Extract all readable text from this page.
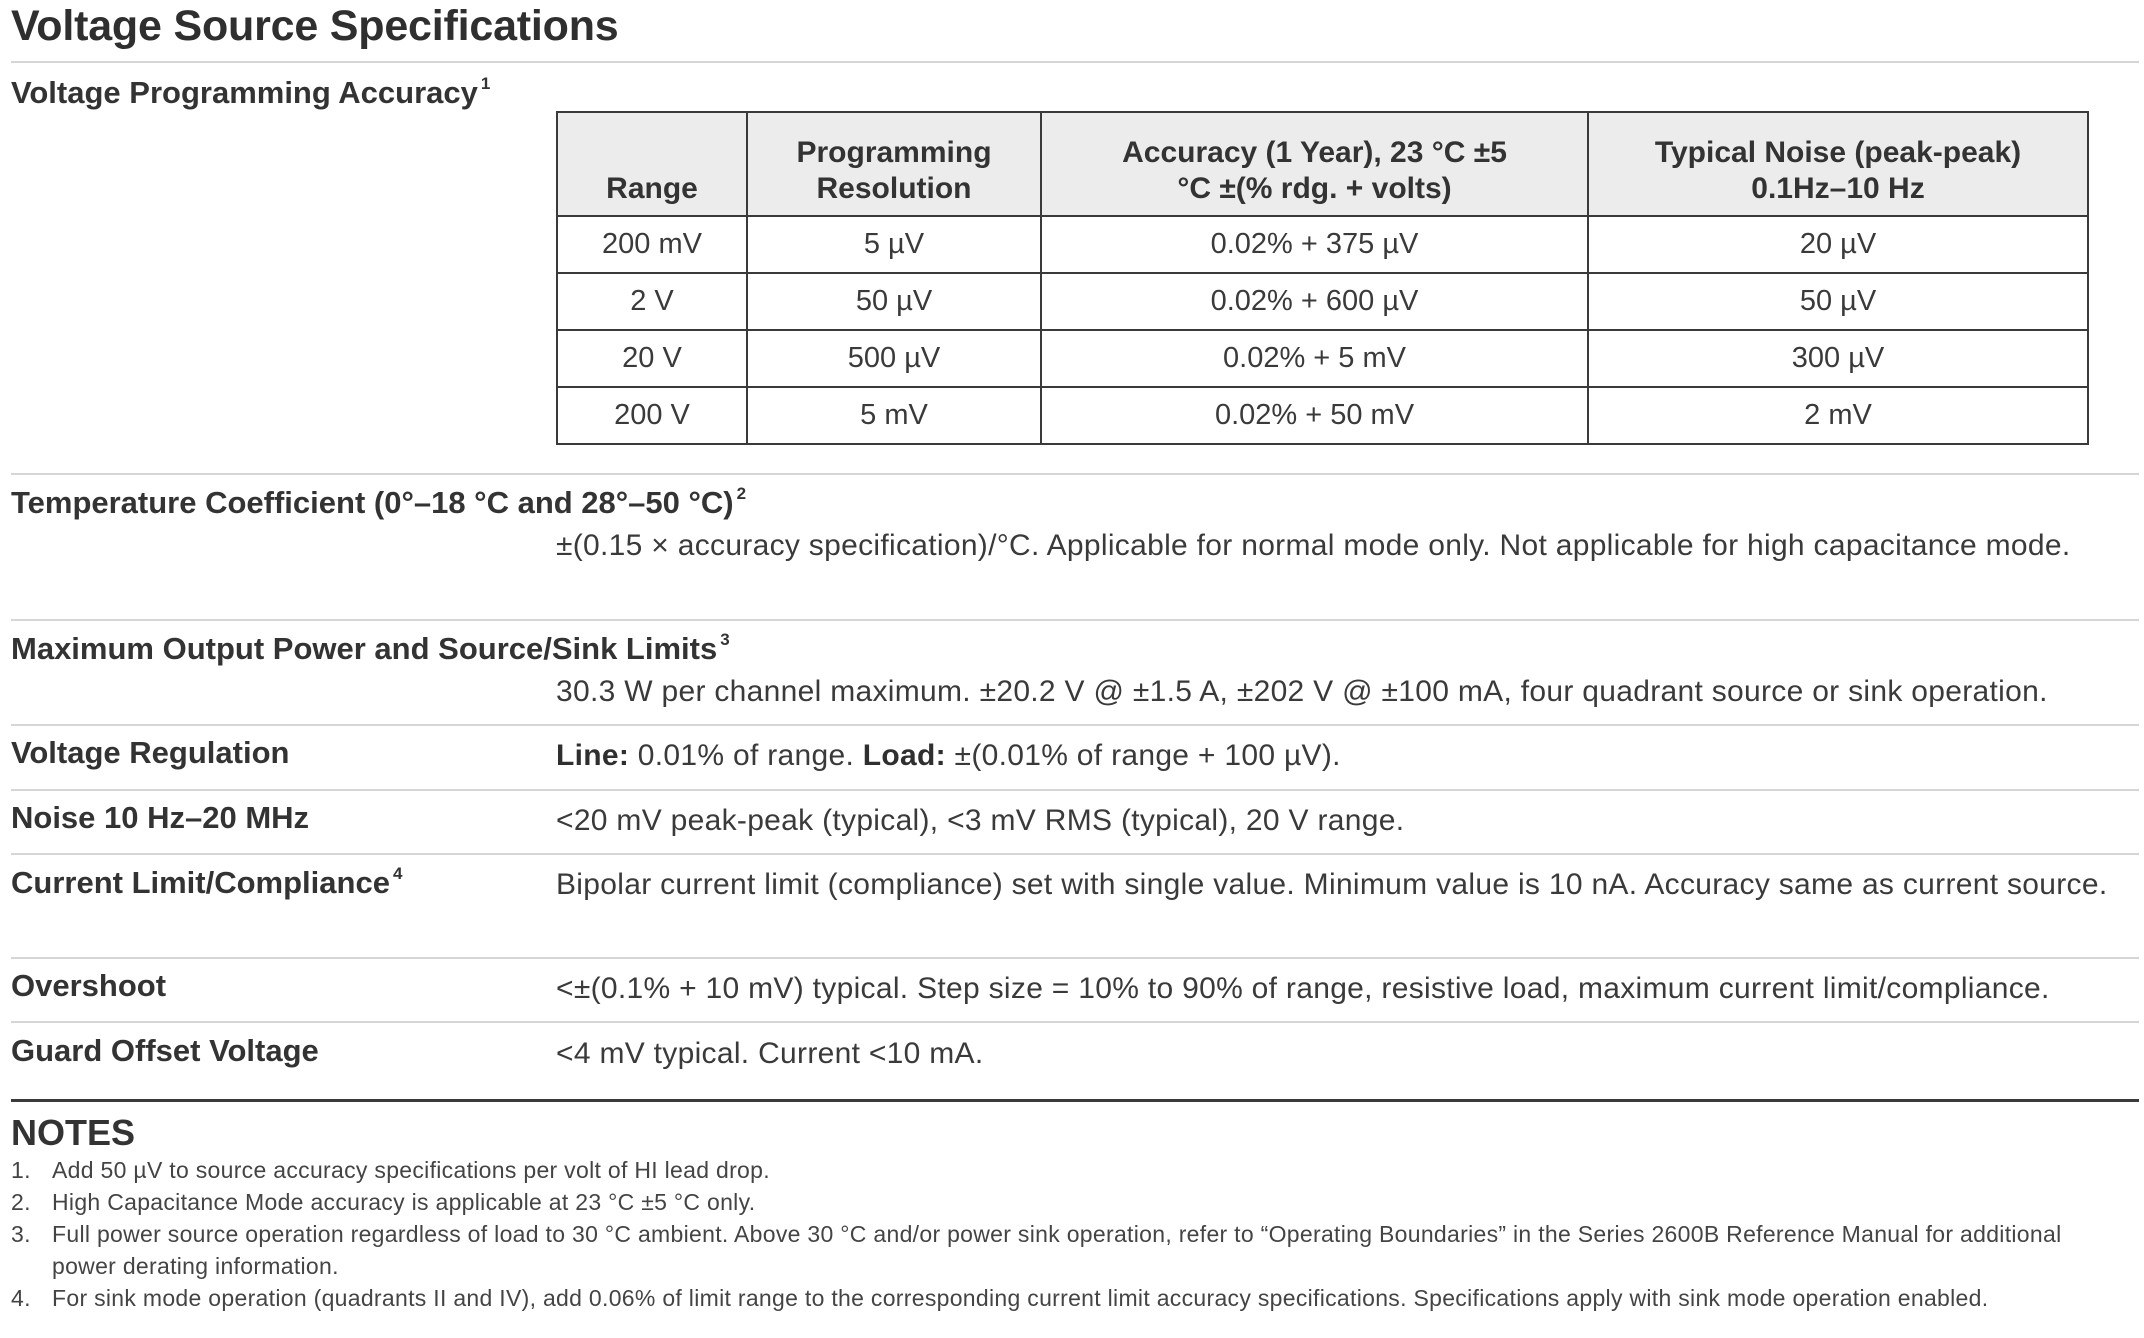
Voltage Source Specifications
Voltage Programming Accuracy $^1$
Range	Programming Resolution	Accuracy (1 Year), 23 °C ±5 °C ±(% rdg. + volts)	Typical Noise (peak-peak) 0.1Hz–10 Hz
200 mV	5 µV	0.02% + 375 µV	20 µV
2 V	50 µV	0.02% + 600 µV	50 µV
20 V	500 µV	0.02% + 5 mV	300 µV
200 V	5 mV	0.02% + 50 mV	2 mV
Temperature Coefficient (0°–18 °C and 28°–50 °C) $^2$
±(0.15 × accuracy specification)/°C. Applicable for normal mode only. Not applicable for high capacitance mode.
Maximum Output Power and Source/Sink Limits $^3$
30.3 W per channel maximum. ±20.2 V @ ±1.5 A, ±202 V @ ±100 mA, four quadrant source or sink operation.
Voltage Regulation	Line: 0.01% of range. Load: ±(0.01% of range + 100 µV).
Noise 10 Hz–20 MHz	<20 mV peak-peak (typical), <3 mV RMS (typical), 20 V range.
Current Limit/Compliance $^4$	Bipolar current limit (compliance) set with single value. Minimum value is 10 nA. Accuracy same as current source.
Overshoot	<±(0.1% + 10 mV) typical. Step size = 10% to 90% of range, resistive load, maximum current limit/compliance.
Guard Offset Voltage	<4 mV typical. Current <10 mA.
NOTES
1. Add 50 µV to source accuracy specifications per volt of HI lead drop.
2. High Capacitance Mode accuracy is applicable at 23 °C ±5 °C only.
3. Full power source operation regardless of load to 30 °C ambient. Above 30 °C and/or power sink operation, refer to “Operating Boundaries” in the Series 2600B Reference Manual for additional power derating information.
4. For sink mode operation (quadrants II and IV), add 0.06% of limit range to the corresponding current limit accuracy specifications. Specifications apply with sink mode operation enabled.
